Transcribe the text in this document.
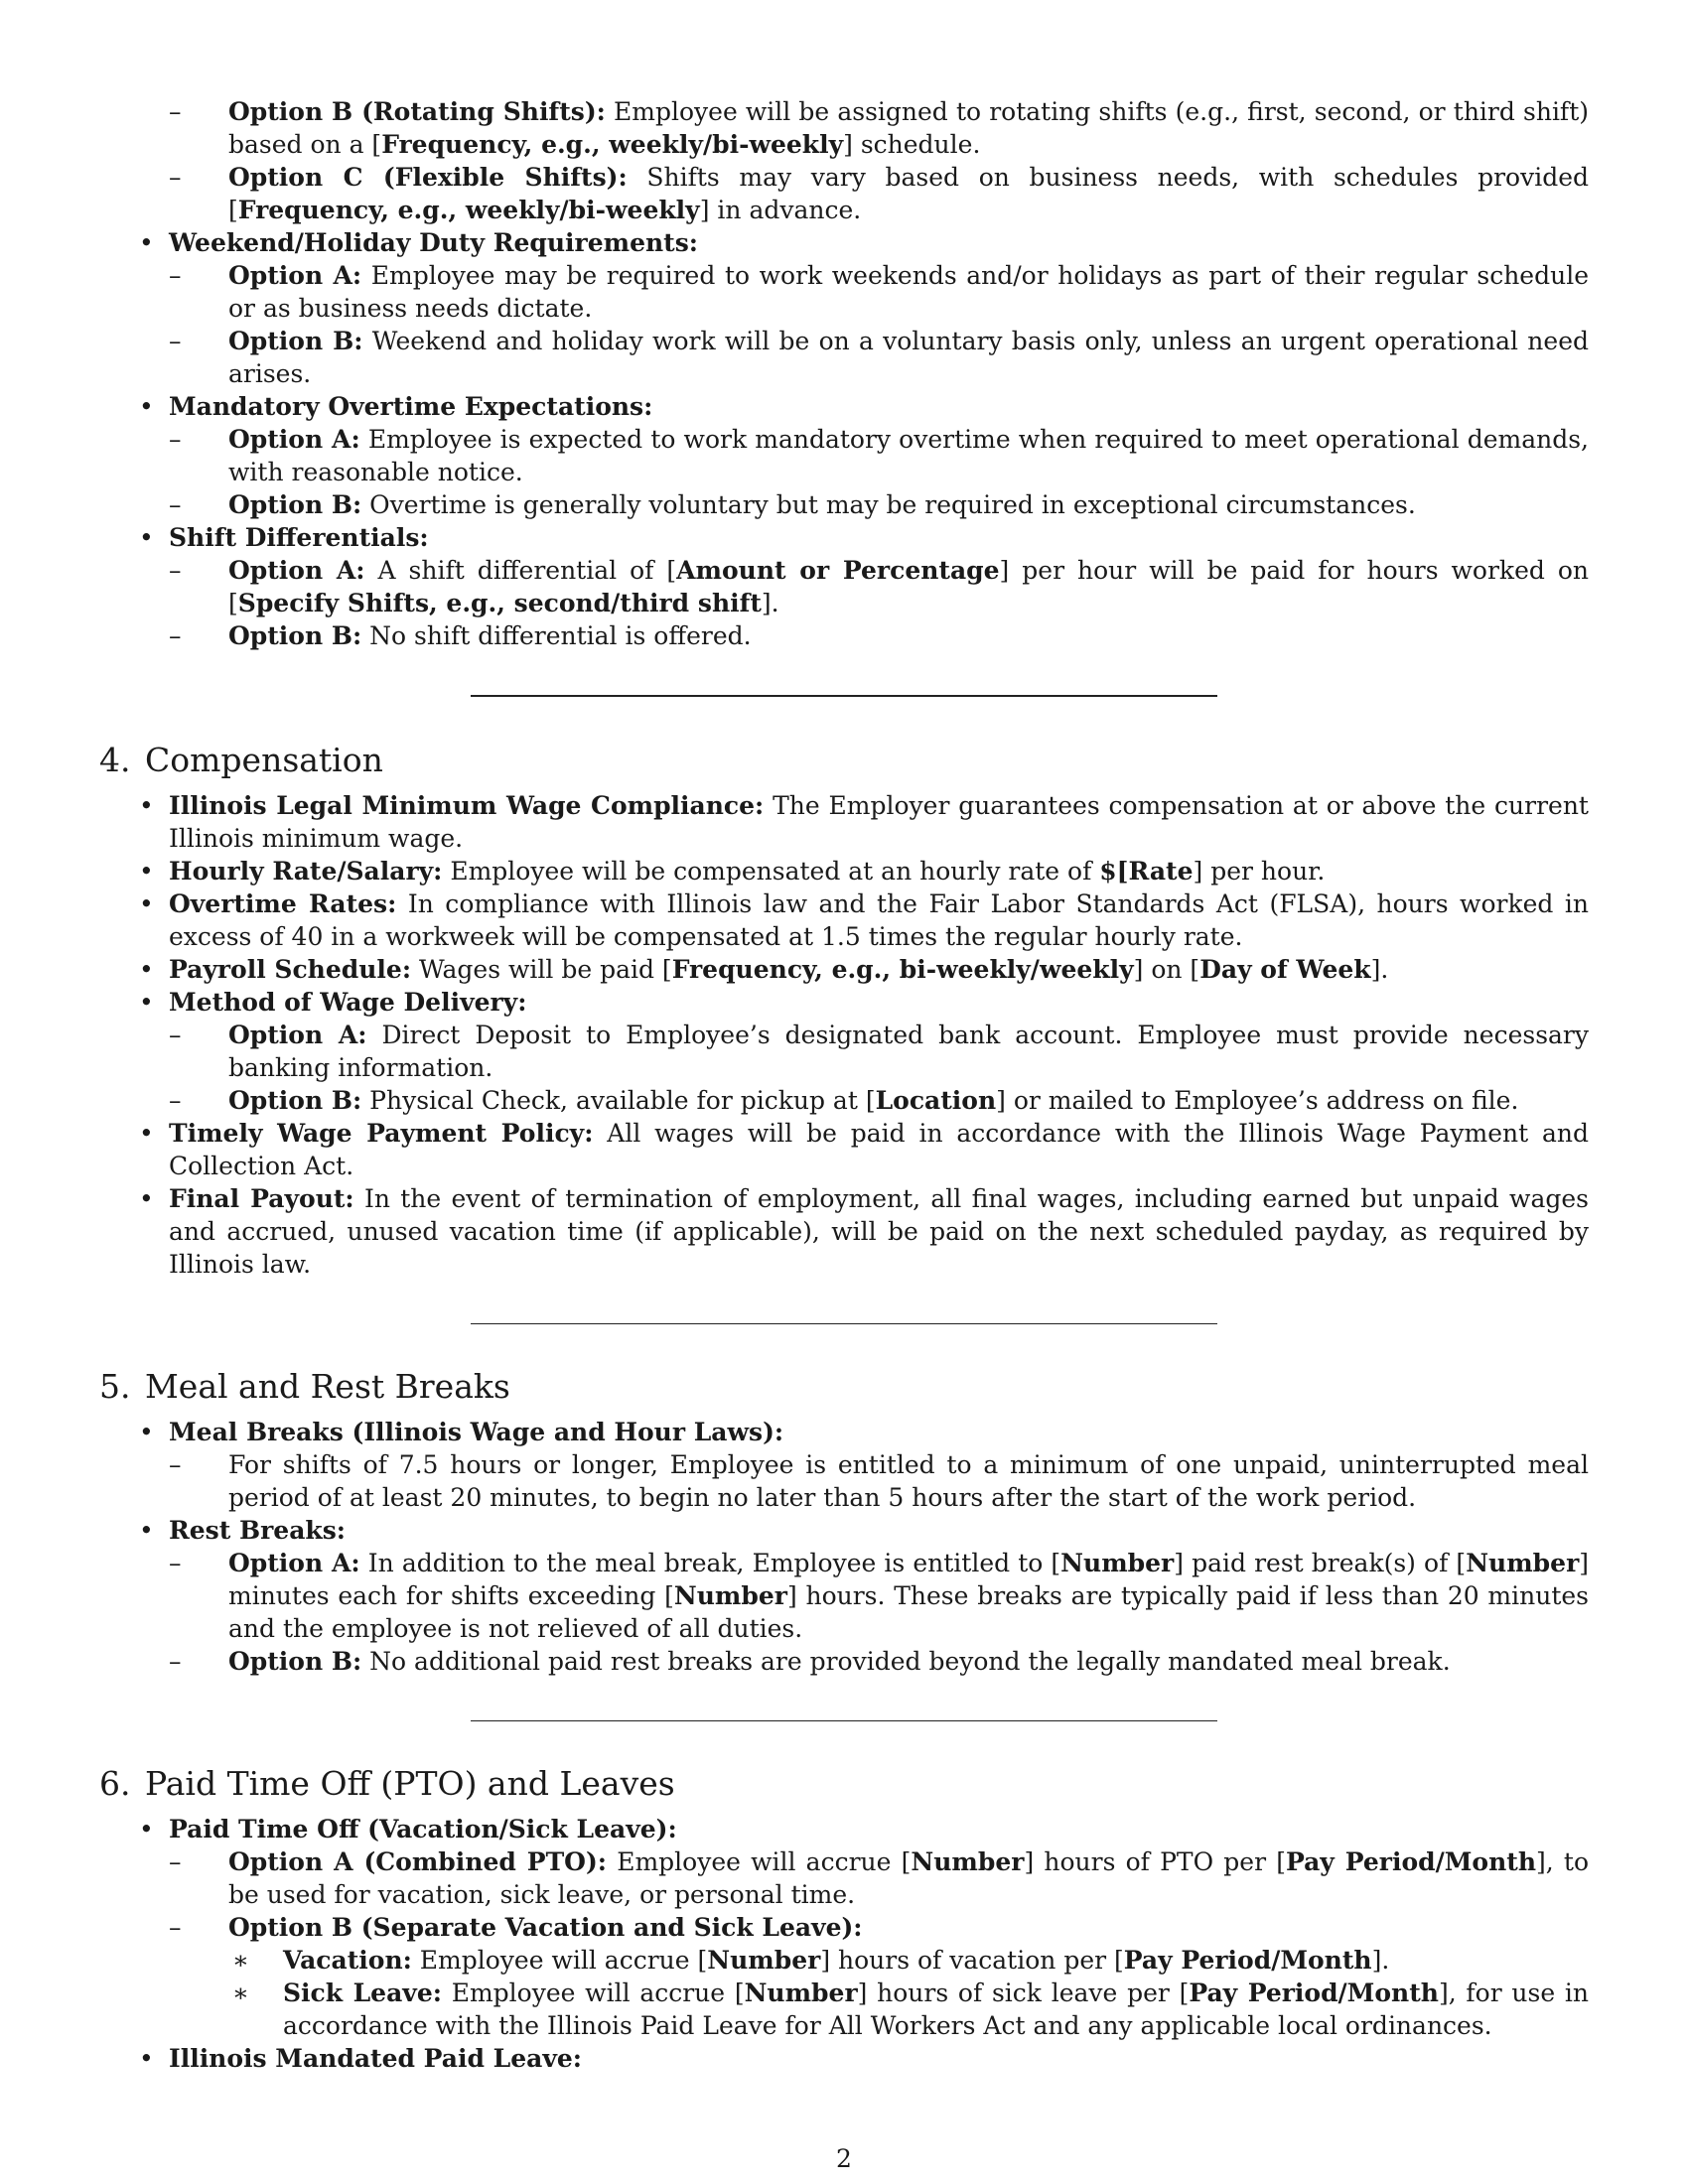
– Option B (Rotating Shifts): Employee will be assigned to rotating shifts (e.g., first, second, or third shift) based on a [Frequency, e.g., weekly/bi-weekly] schedule.
– Option C (Flexible Shifts): Shifts may vary based on business needs, with schedules provided [Frequency, e.g., weekly/bi-weekly] in advance.
• Weekend/Holiday Duty Requirements:
– Option A: Employee may be required to work weekends and/or holidays as part of their regular schedule or as business needs dictate.
– Option B: Weekend and holiday work will be on a voluntary basis only, unless an urgent operational need arises.
• Mandatory Overtime Expectations:
– Option A: Employee is expected to work mandatory overtime when required to meet operational demands, with reasonable notice.
– Option B: Overtime is generally voluntary but may be required in exceptional circumstances.
• Shift Differentials:
– Option A: A shift differential of [Amount or Percentage] per hour will be paid for hours worked on [Specify Shifts, e.g., second/third shift].
– Option B: No shift differential is offered.
4. Compensation
• Illinois Legal Minimum Wage Compliance: The Employer guarantees compensation at or above the current Illinois minimum wage.
• Hourly Rate/Salary: Employee will be compensated at an hourly rate of $[Rate] per hour.
• Overtime Rates: In compliance with Illinois law and the Fair Labor Standards Act (FLSA), hours worked in excess of 40 in a workweek will be compensated at 1.5 times the regular hourly rate.
• Payroll Schedule: Wages will be paid [Frequency, e.g., bi-weekly/weekly] on [Day of Week].
• Method of Wage Delivery:
– Option A: Direct Deposit to Employee’s designated bank account. Employee must provide necessary banking information.
– Option B: Physical Check, available for pickup at [Location] or mailed to Employee’s address on file.
• Timely Wage Payment Policy: All wages will be paid in accordance with the Illinois Wage Payment and Collection Act.
• Final Payout: In the event of termination of employment, all final wages, including earned but unpaid wages and accrued, unused vacation time (if applicable), will be paid on the next scheduled payday, as required by Illinois law.
5. Meal and Rest Breaks
• Meal Breaks (Illinois Wage and Hour Laws):
– For shifts of 7.5 hours or longer, Employee is entitled to a minimum of one unpaid, uninterrupted meal period of at least 20 minutes, to begin no later than 5 hours after the start of the work period.
• Rest Breaks:
– Option A: In addition to the meal break, Employee is entitled to [Number] paid rest break(s) of [Number] minutes each for shifts exceeding [Number] hours. These breaks are typically paid if less than 20 minutes and the employee is not relieved of all duties.
– Option B: No additional paid rest breaks are provided beyond the legally mandated meal break.
6. Paid Time Off (PTO) and Leaves
• Paid Time Off (Vacation/Sick Leave):
– Option A (Combined PTO): Employee will accrue [Number] hours of PTO per [Pay Period/Month], to be used for vacation, sick leave, or personal time.
– Option B (Separate Vacation and Sick Leave):
∗ Vacation: Employee will accrue [Number] hours of vacation per [Pay Period/Month].
∗ Sick Leave: Employee will accrue [Number] hours of sick leave per [Pay Period/Month], for use in accordance with the Illinois Paid Leave for All Workers Act and any applicable local ordinances.
• Illinois Mandated Paid Leave:
2
